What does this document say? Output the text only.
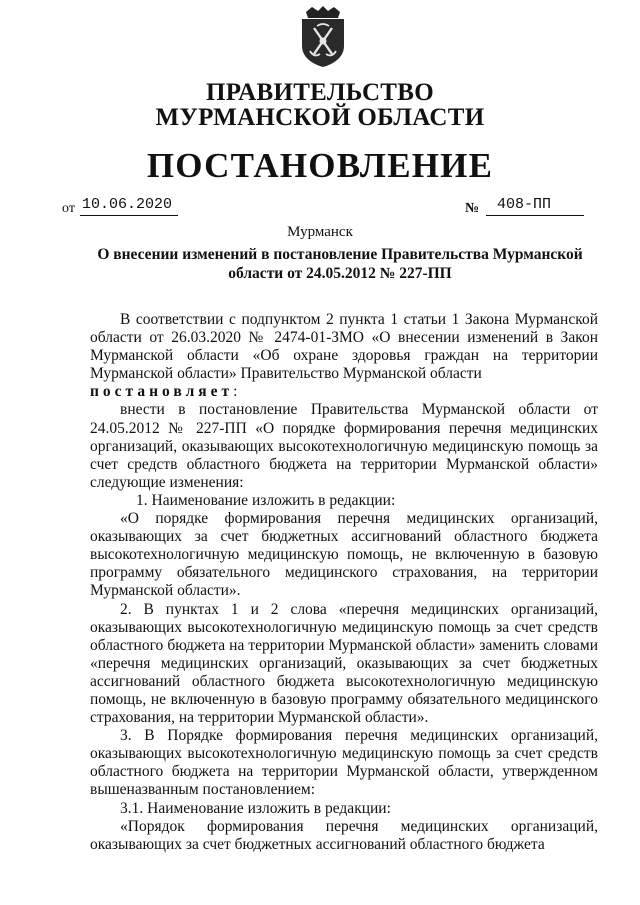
ПРАВИТЕЛЬСТВО
МУРМАНСКОЙ ОБЛАСТИ
ПОСТАНОВЛЕНИЕ
от 10.06.2020	№ 408-ПП
Мурманск
О внесении изменений в постановление Правительства Мурманской
области от 24.05.2012 № 227-ПП
В соответствии с подпунктом 2 пункта 1 статьи 1 Закона Мурманской области от 26.03.2020 № 2474-01-ЗМО «О внесении изменений в Закон Мурманской области «Об охране здоровья граждан на территории Мурманской области» Правительство Мурманской области
постановляет:
внести в постановление Правительства Мурманской области от 24.05.2012 № 227-ПП «О порядке формирования перечня медицинских организаций, оказывающих высокотехнологичную медицинскую помощь за счет средств областного бюджета на территории Мурманской области» следующие изменения:
1. Наименование изложить в редакции:
«О порядке формирования перечня медицинских организаций, оказывающих за счет бюджетных ассигнований областного бюджета высокотехнологичную медицинскую помощь, не включенную в базовую программу обязательного медицинского страхования, на территории Мурманской области».
2. В пунктах 1 и 2 слова «перечня медицинских организаций, оказывающих высокотехнологичную медицинскую помощь за счет средств областного бюджета на территории Мурманской области» заменить словами «перечня медицинских организаций, оказывающих за счет бюджетных ассигнований областного бюджета высокотехнологичную медицинскую помощь, не включенную в базовую программу обязательного медицинского страхования, на территории Мурманской области».
3. В Порядке формирования перечня медицинских организаций, оказывающих высокотехнологичную медицинскую помощь за счет средств областного бюджета на территории Мурманской области, утвержденном вышеназванным постановлением:
3.1. Наименование изложить в редакции:
«Порядок формирования перечня медицинских организаций, оказывающих за счет бюджетных ассигнований областного бюджета
